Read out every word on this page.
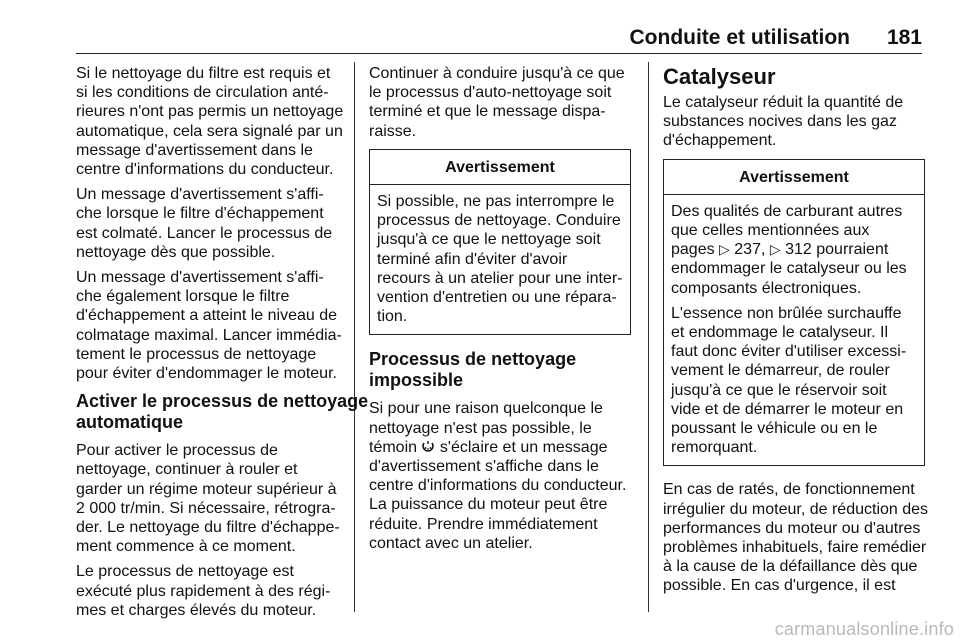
Conduite et utilisation 181

Si le nettoyage du filtre est requis et
si les conditions de circulation anté-
rieures n'ont pas permis un nettoyage
automatique, cela sera signalé par un
message d'avertissement dans le
centre d'informations du conducteur.

Un message d'avertissement s'affi-
che lorsque le filtre d'échappement
est colmaté. Lancer le processus de
nettoyage dès que possible.

Un message d'avertissement s'affi-
che également lorsque le filtre
d'échappement a atteint le niveau de
colmatage maximal. Lancer immédia-
tement le processus de nettoyage
pour éviter d'endommager le moteur.

Activer le processus de nettoyage
automatique

Pour activer le processus de
nettoyage, continuer à rouler et
garder un régime moteur supérieur à
2 000 tr/min. Si nécessaire, rétrogra-
der. Le nettoyage du filtre d'échappe-
ment commence à ce moment.

Le processus de nettoyage est
exécuté plus rapidement à des régi-
mes et charges élevés du moteur.

Continuer à conduire jusqu'à ce que
le processus d'auto-nettoyage soit
terminé et que le message dispa-
raisse.

Avertissement

Si possible, ne pas interrompre le
processus de nettoyage. Conduire
jusqu'à ce que le nettoyage soit
terminé afin d'éviter d'avoir
recours à un atelier pour une inter-
vention d'entretien ou une répara-
tion.

Processus de nettoyage
impossible

Si pour une raison quelconque le
nettoyage n'est pas possible, le
témoin  s'éclaire et un message
d'avertissement s'affiche dans le
centre d'informations du conducteur.
La puissance du moteur peut être
réduite. Prendre immédiatement
contact avec un atelier.

Catalyseur

Le catalyseur réduit la quantité de
substances nocives dans les gaz
d'échappement.

Avertissement

Des qualités de carburant autres
que celles mentionnées aux
pages ▷ 237, ▷ 312 pourraient
endommager le catalyseur ou les
composants électroniques.

L'essence non brûlée surchauffe
et endommage le catalyseur. Il
faut donc éviter d'utiliser excessi-
vement le démarreur, de rouler
jusqu'à ce que le réservoir soit
vide et de démarrer le moteur en
poussant le véhicule ou en le
remorquant.

En cas de ratés, de fonctionnement
irrégulier du moteur, de réduction des
performances du moteur ou d'autres
problèmes inhabituels, faire remédier
à la cause de la défaillance dès que
possible. En cas d'urgence, il est

carmanualsonline.info
